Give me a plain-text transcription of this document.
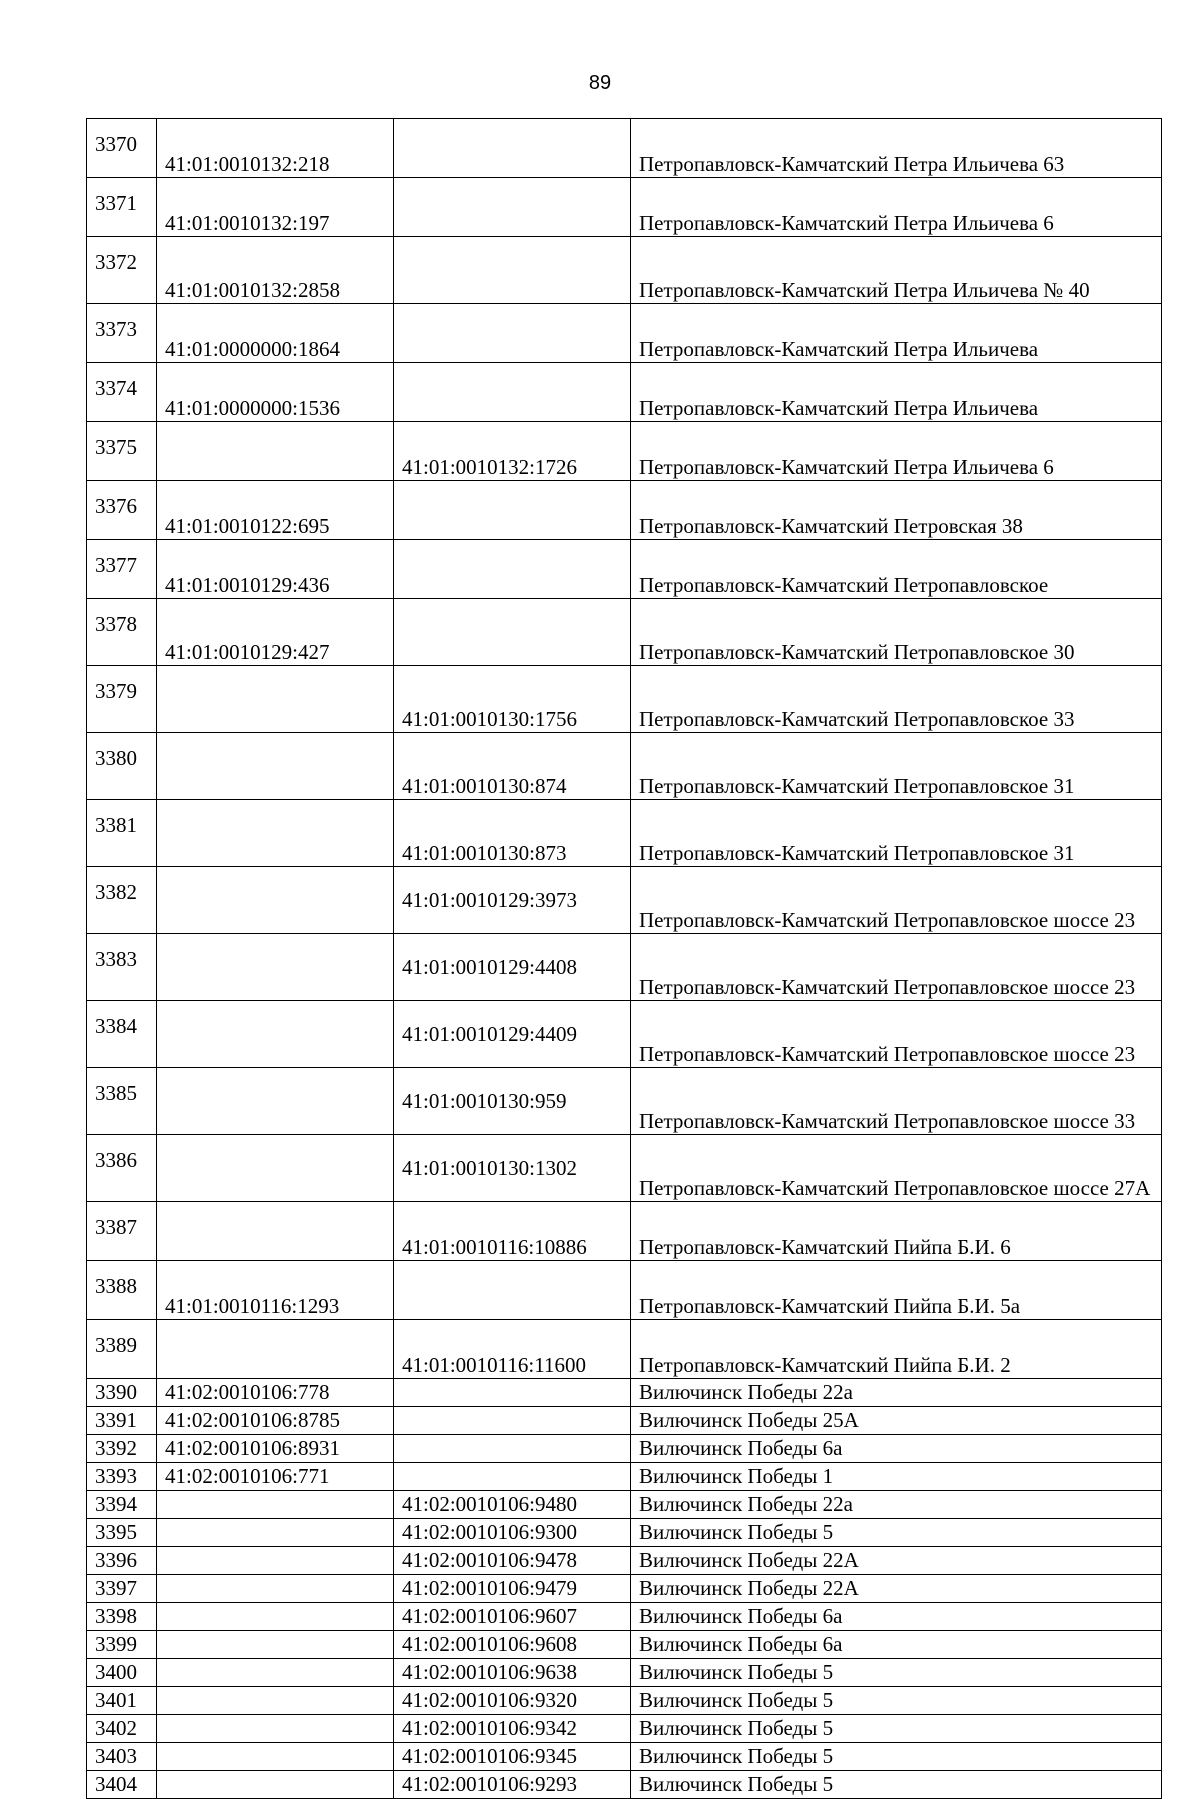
89
3370	41:01:0010132:218		Петропавловск-Камчатский Петра Ильичева 63
3371	41:01:0010132:197		Петропавловск-Камчатский Петра Ильичева 6
3372	41:01:0010132:2858		Петропавловск-Камчатский Петра Ильичева № 40
3373	41:01:0000000:1864		Петропавловск-Камчатский Петра Ильичева
3374	41:01:0000000:1536		Петропавловск-Камчатский Петра Ильичева
3375		41:01:0010132:1726	Петропавловск-Камчатский Петра Ильичева 6
3376	41:01:0010122:695		Петропавловск-Камчатский Петровская 38
3377	41:01:0010129:436		Петропавловск-Камчатский Петропавловское
3378	41:01:0010129:427		Петропавловск-Камчатский Петропавловское 30
3379		41:01:0010130:1756	Петропавловск-Камчатский Петропавловское 33
3380		41:01:0010130:874	Петропавловск-Камчатский Петропавловское 31
3381		41:01:0010130:873	Петропавловск-Камчатский Петропавловское 31
3382		41:01:0010129:3973	Петропавловск-Камчатский Петропавловское шоссе 23
3383		41:01:0010129:4408	Петропавловск-Камчатский Петропавловское шоссе 23
3384		41:01:0010129:4409	Петропавловск-Камчатский Петропавловское шоссе 23
3385		41:01:0010130:959	Петропавловск-Камчатский Петропавловское шоссе 33
3386		41:01:0010130:1302	Петропавловск-Камчатский Петропавловское шоссе 27А
3387		41:01:0010116:10886	Петропавловск-Камчатский Пийпа Б.И. 6
3388	41:01:0010116:1293		Петропавловск-Камчатский Пийпа Б.И. 5а
3389		41:01:0010116:11600	Петропавловск-Камчатский Пийпа Б.И. 2
3390	41:02:0010106:778		Вилючинск Победы 22а
3391	41:02:0010106:8785		Вилючинск Победы 25А
3392	41:02:0010106:8931		Вилючинск Победы 6а
3393	41:02:0010106:771		Вилючинск Победы 1
3394		41:02:0010106:9480	Вилючинск Победы 22а
3395		41:02:0010106:9300	Вилючинск Победы 5
3396		41:02:0010106:9478	Вилючинск Победы 22А
3397		41:02:0010106:9479	Вилючинск Победы 22А
3398		41:02:0010106:9607	Вилючинск Победы 6а
3399		41:02:0010106:9608	Вилючинск Победы 6а
3400		41:02:0010106:9638	Вилючинск Победы 5
3401		41:02:0010106:9320	Вилючинск Победы 5
3402		41:02:0010106:9342	Вилючинск Победы 5
3403		41:02:0010106:9345	Вилючинск Победы 5
3404		41:02:0010106:9293	Вилючинск Победы 5
